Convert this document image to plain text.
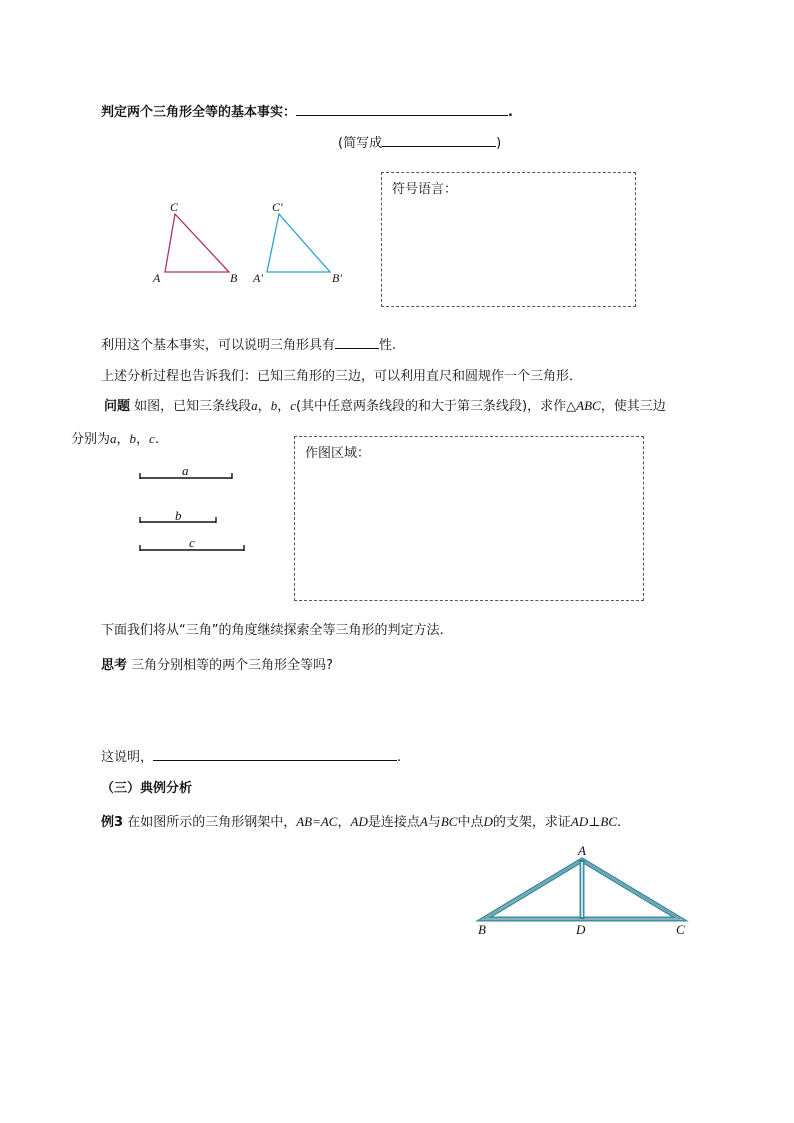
判定两个三角形全等的基本事实：	.
(简写成	)
C
A	B
C′
A′	B′
符号语言：
利用这个基本事实，可以说明三角形具有	性.
上述分析过程也告诉我们：已知三角形的三边，可以利用直尺和圆规作一个三角形．
问题 如图，已知三条线段a，b，c(其中任意两条线段的和大于第三条线段)，求作△ABC，使其三边
分别为a，b，c.
a
b
c
作图区域：
下面我们将从“三角”的角度继续探索全等三角形的判定方法.
思考 三角分别相等的两个三角形全等吗?
这说明，	.
（三）典例分析
例3 在如图所示的三角形钢架中，AB=AC，AD是连接点A与BC中点D的支架，求证AD⊥BC.
A
B	D	C
